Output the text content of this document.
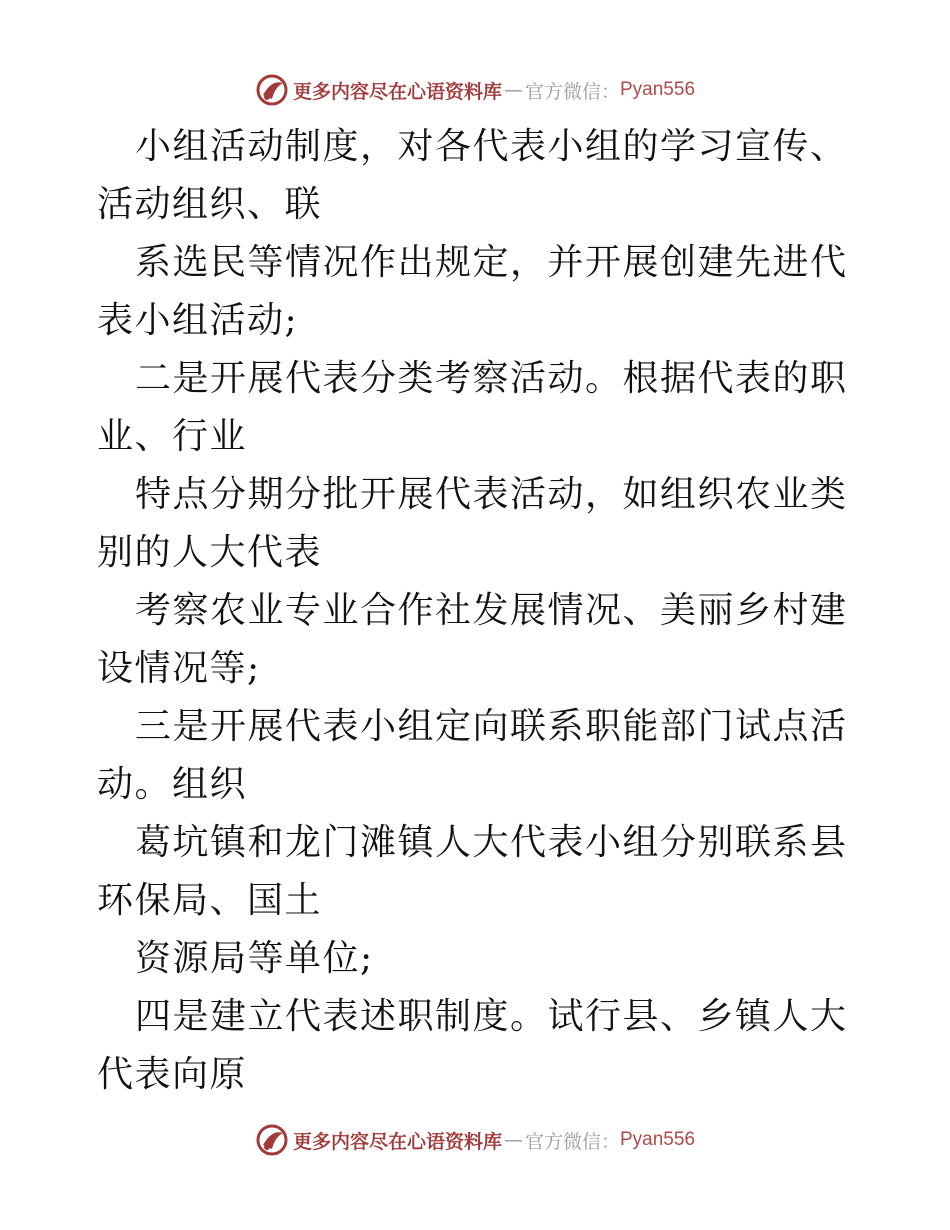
更多内容尽在心语资料库 — 官方微信： Pyan556

小组活动制度，对各代表小组的学习宣传、活动组织、联

系选民等情况作出规定，并开展创建先进代表小组活动;

二是开展代表分类考察活动。根据代表的职业、行业

特点分期分批开展代表活动，如组织农业类别的人大代表

考察农业专业合作社发展情况、美丽乡村建设情况等;

三是开展代表小组定向联系职能部门试点活动。组织

葛坑镇和龙门滩镇人大代表小组分别联系县环保局、国土

资源局等单位;

四是建立代表述职制度。试行县、乡镇人大代表向原

更多内容尽在心语资料库 — 官方微信： Pyan556
